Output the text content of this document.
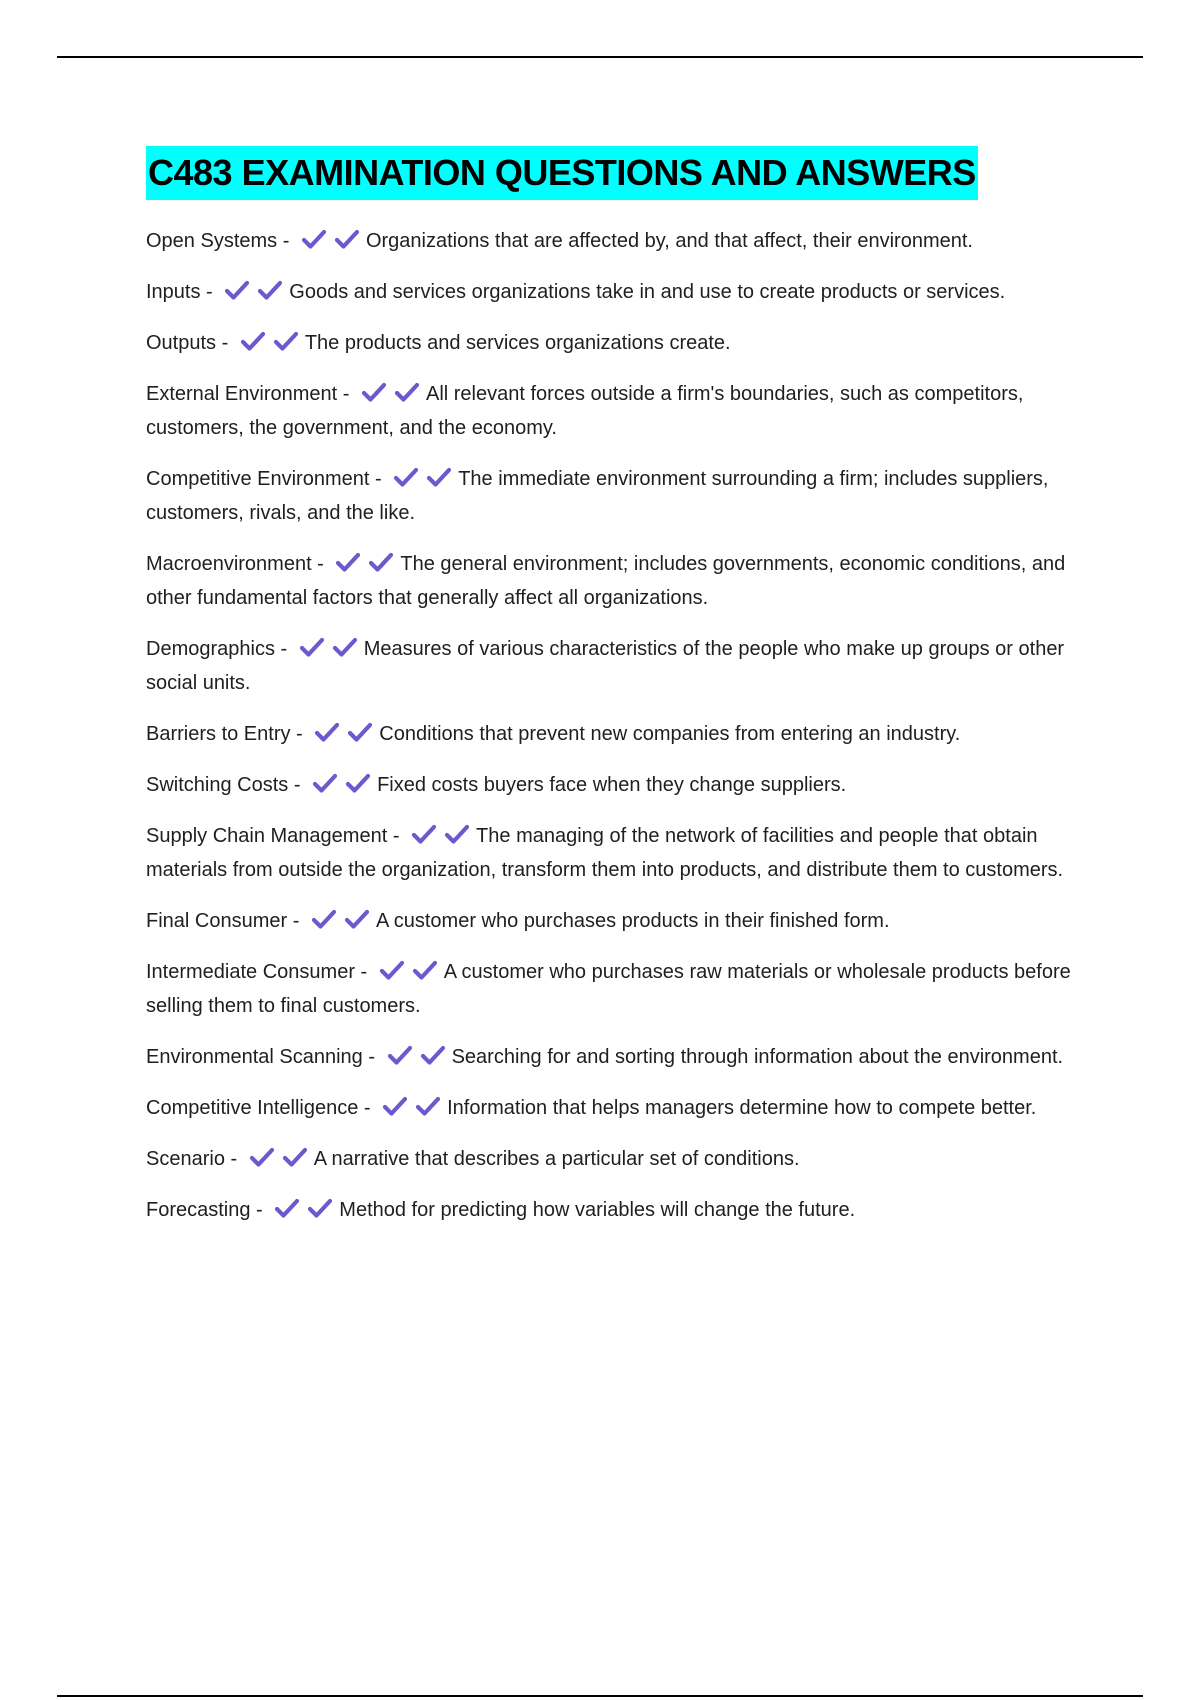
C483 EXAMINATION QUESTIONS AND ANSWERS

Open Systems -	Organizations that are affected by, and that affect, their environment.

Inputs -	Goods and services organizations take in and use to create products or services.

Outputs -	The products and services organizations create.

External Environment -	All relevant forces outside a firm's boundaries, such as competitors, customers, the government, and the economy.

Competitive Environment -	The immediate environment surrounding a firm; includes suppliers, customers, rivals, and the like.

Macroenvironment -	The general environment; includes governments, economic conditions, and other fundamental factors that generally affect all organizations.

Demographics -	Measures of various characteristics of the people who make up groups or other social units.

Barriers to Entry -	Conditions that prevent new companies from entering an industry.

Switching Costs -	Fixed costs buyers face when they change suppliers.

Supply Chain Management -	The managing of the network of facilities and people that obtain materials from outside the organization, transform them into products, and distribute them to customers.

Final Consumer -	A customer who purchases products in their finished form.

Intermediate Consumer -	A customer who purchases raw materials or wholesale products before selling them to final customers.

Environmental Scanning -	Searching for and sorting through information about the environment.

Competitive Intelligence -	Information that helps managers determine how to compete better.

Scenario -	A narrative that describes a particular set of conditions.

Forecasting -	Method for predicting how variables will change the future.
